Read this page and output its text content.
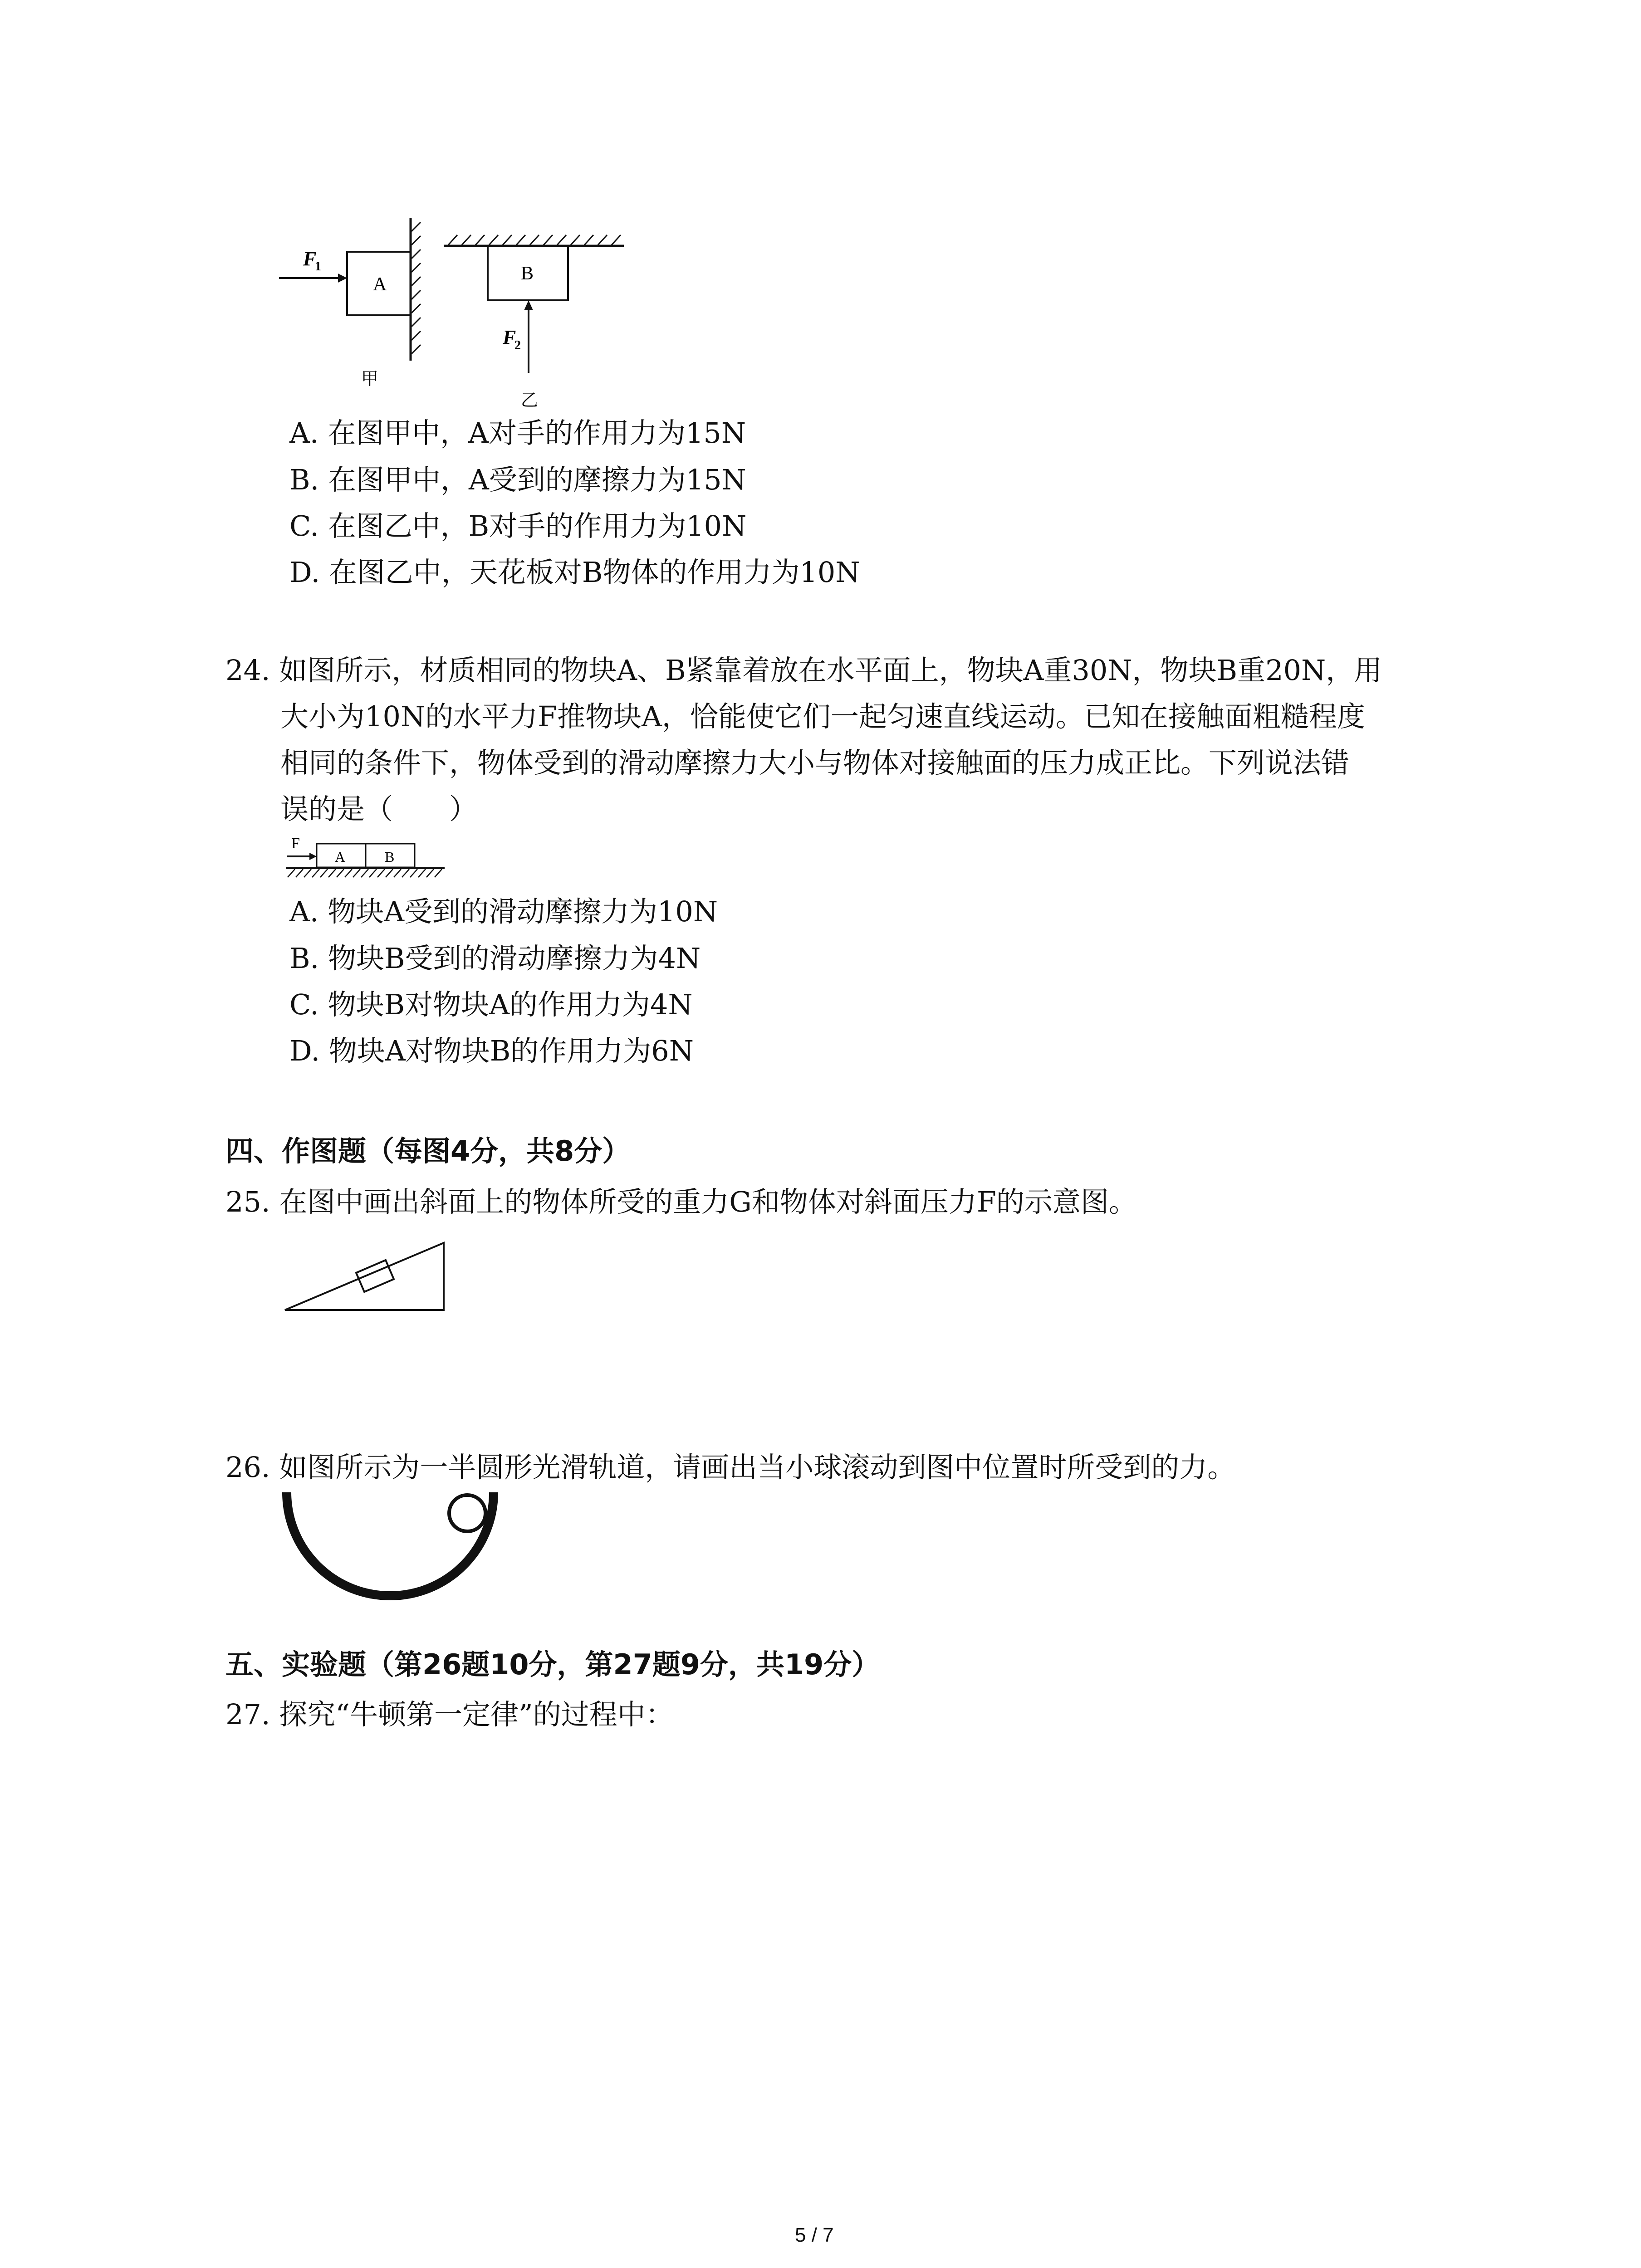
F
1
A
甲
B
F
2
乙
A. 在图甲中，A对手的作用力为15N
B. 在图甲中，A受到的摩擦力为15N
C. 在图乙中，B对手的作用力为10N
D. 在图乙中，天花板对B物体的作用力为10N
24. 如图所示，材质相同的物块A、B紧靠着放在水平面上，物块A重30N，物块B重20N，用
大小为10N的水平力F推物块A，恰能使它们一起匀速直线运动。已知在接触面粗糙程度
相同的条件下，物体受到的滑动摩擦力大小与物体对接触面的压力成正比。下列说法错
误的是（　　）
F
A	B
A. 物块A受到的滑动摩擦力为10N
B. 物块B受到的滑动摩擦力为4N
C. 物块B对物块A的作用力为4N
D. 物块A对物块B的作用力为6N
四、作图题（每图4分，共8分）
25. 在图中画出斜面上的物体所受的重力G和物体对斜面压力F的示意图。
26. 如图所示为一半圆形光滑轨道，请画出当小球滚动到图中位置时所受到的力。
五、实验题（第26题10分，第27题9分，共19分）
27. 探究“牛顿第一定律”的过程中：
5 / 7
